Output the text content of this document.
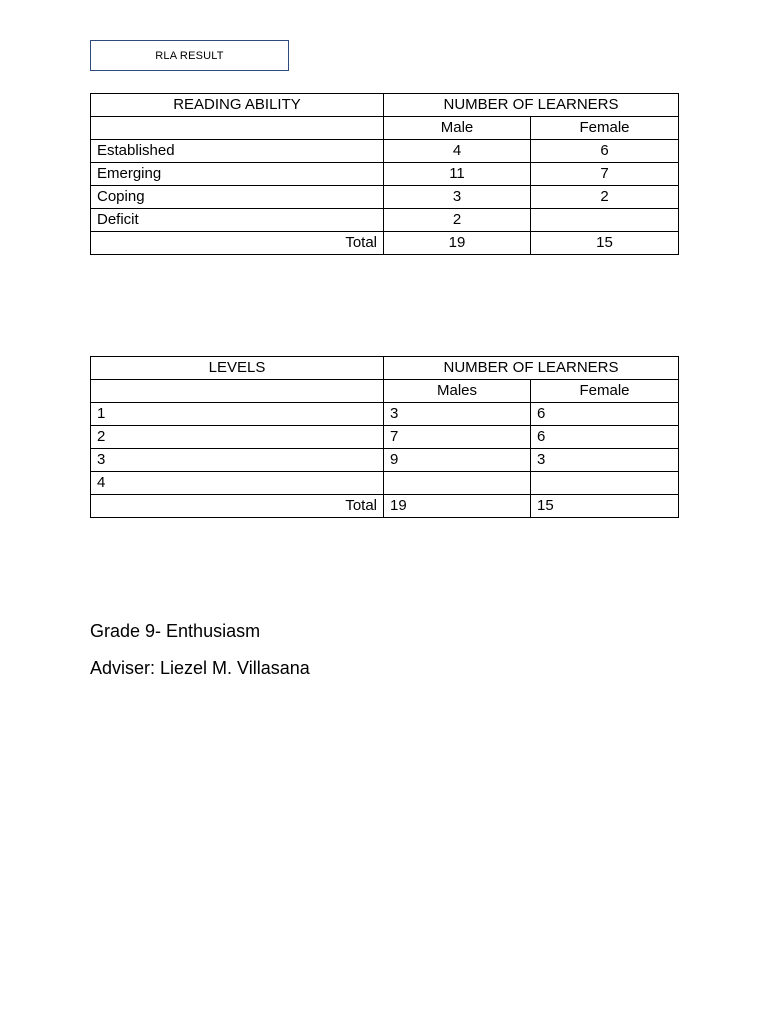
RLA RESULT
READING ABILITY	NUMBER OF LEARNERS	
	Male	Female
Established	4	6
Emerging	11	7
Coping	3	2
Deficit	2	
Total	19	15
LEVELS	NUMBER OF LEARNERS	
	Males	Female
1	3	6
2	7	6
3	9	3
4		
Total	19	15
Grade 9- Enthusiasm
Adviser: Liezel M. Villasana
